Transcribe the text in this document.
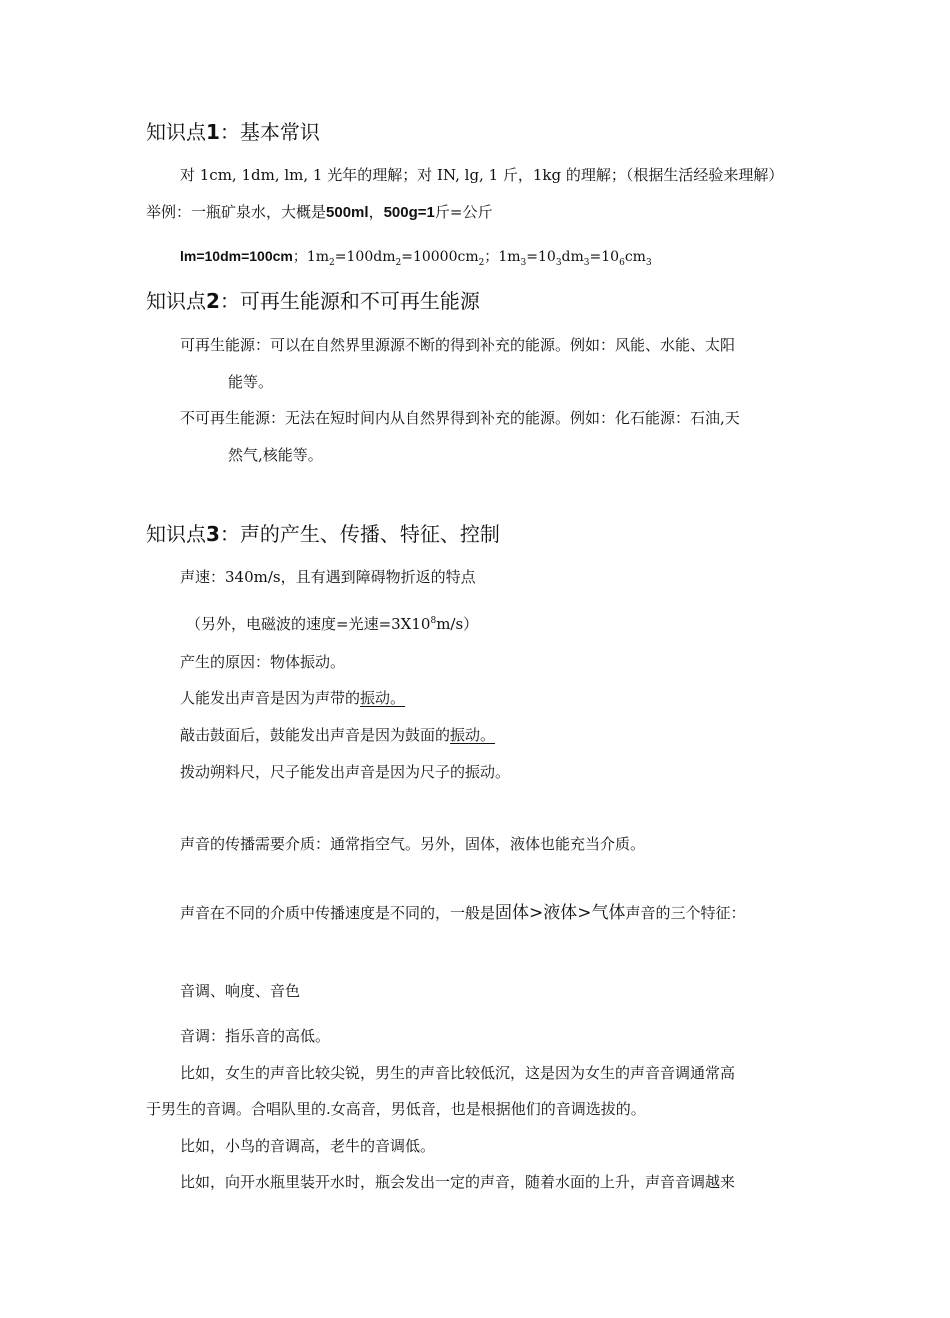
知识点1：基本常识
对 1cm, 1dm, lm, 1 光年的理解；对 IN, lg, 1 斤，1kg 的理解；（根据生活经验来理解）
举例：一瓶矿泉水，大概是500ml，500g=1斤=公斤
lm=10dm=100cm；$1m_2=100dm_2=10000cm_2$；$1m_3=10_3dm_3=10_6cm_3$
知识点2：可再生能源和不可再生能源
可再生能源：可以在自然界里源源不断的得到补充的能源。例如：风能、水能、太阳
能等。
不可再生能源：无法在短时间内从自然界得到补充的能源。例如：化石能源：石油,天
然气,核能等。
知识点3：声的产生、传播、特征、控制
声速：340m/s，且有遇到障碍物折返的特点
（另外，电磁波的速度=光速$=3X10^8m/s$）
产生的原因：物体振动。
人能发出声音是因为声带的振动。
敲击鼓面后，鼓能发出声音是因为鼓面的振动。
拨动朔料尺，尺子能发出声音是因为尺子的振动。
声音的传播需要介质：通常指空气。另外，固体，液体也能充当介质。
声音在不同的介质中传播速度是不同的，一般是固体>液体>气体声音的三个特征：
音调、响度、音色
音调：指乐音的高低。
比如，女生的声音比较尖锐，男生的声音比较低沉，这是因为女生的声音音调通常高
于男生的音调。合唱队里的.女高音，男低音，也是根据他们的音调选拔的。
比如，小鸟的音调高，老牛的音调低。
比如，向开水瓶里装开水时，瓶会发出一定的声音，随着水面的上升，声音音调越来
